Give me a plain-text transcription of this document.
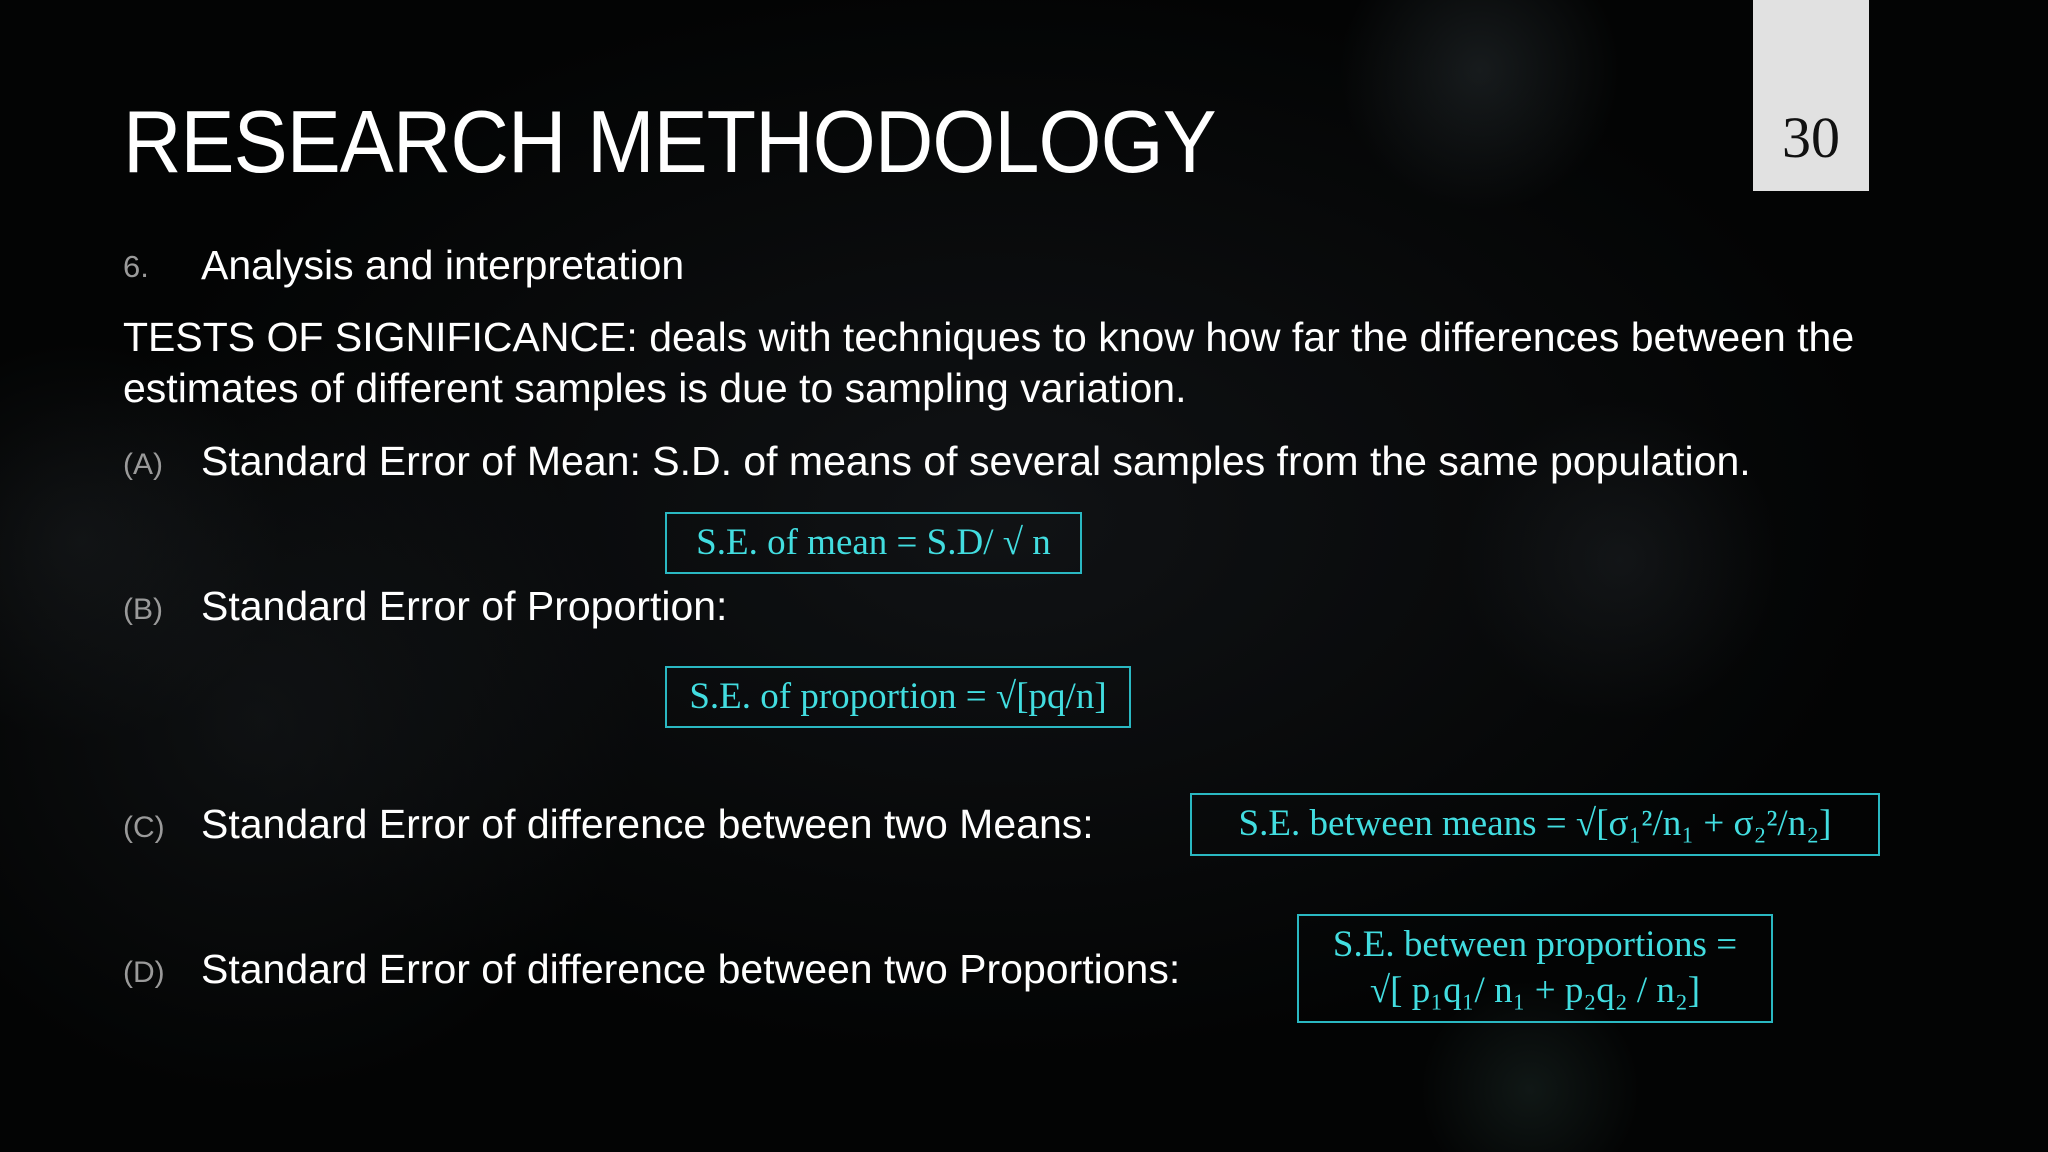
RESEARCH METHODOLOGY	30
6. Analysis and interpretation
TESTS OF SIGNIFICANCE: deals with techniques to know how far the differences between the estimates of different samples is due to sampling variation.
(A) Standard Error of Mean: S.D. of means of several samples from the same population.
S.E. of mean = S.D/ √ n
(B) Standard Error of Proportion:
S.E. of proportion = √[pq/n]
(C) Standard Error of difference between two Means:	S.E. between means = √[σ₁²/n₁ + σ₂²/n₂]
(D) Standard Error of difference between two Proportions:
S.E. between proportions =
√[ p₁q₁/ n₁ + p₂q₂ / n₂]
